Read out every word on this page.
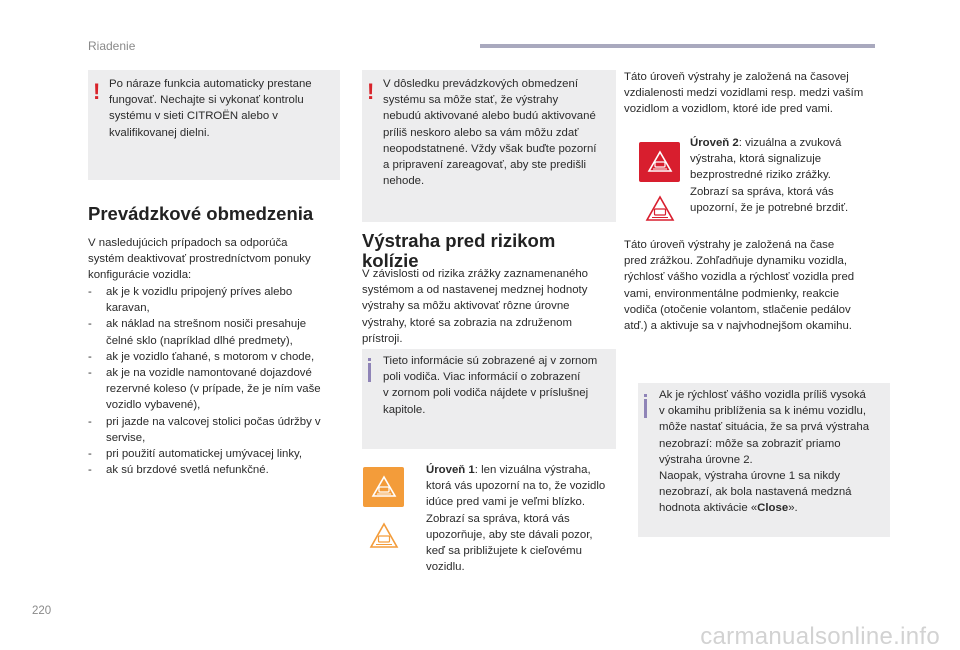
Riadenie
! Po náraze funkcia automaticky prestane
fungovať. Nechajte si vykonať kontrolu
systému v sieti CITROËN alebo v
kvalifikovanej dielni.
Prevádzkové obmedzenia
V nasledujúcich prípadoch sa odporúča
systém deaktivovať prostredníctvom ponuky
konfigurácie vozidla:
- ak je k vozidlu pripojený príves alebo
karavan,
- ak náklad na strešnom nosiči presahuje
čelné sklo (napríklad dlhé predmety),
- ak je vozidlo ťahané, s motorom v chode,
- ak je na vozidle namontované dojazdové
rezervné koleso (v prípade, že je ním vaše
vozidlo vybavené),
- pri jazde na valcovej stolici počas údržby v
servise,
- pri použití automatickej umývacej linky,
- ak sú brzdové svetlá nefunkčné.
! V dôsledku prevádzkových obmedzení
systému sa môže stať, že výstrahy
nebudú aktivované alebo budú aktivované
príliš neskoro alebo sa vám môžu zdať
neopodstatnené. Vždy však buďte pozorní
a pripravení zareagovať, aby ste predišli
nehode.
Výstraha pred rizikom
kolízie
V závislosti od rizika zrážky zaznamenaného
systémom a od nastavenej medznej hodnoty
výstrahy sa môžu aktivovať rôzne úrovne
výstrahy, ktoré sa zobrazia na združenom
prístroji.
Tieto informácie sú zobrazené aj v zornom
poli vodiča. Viac informácií o zobrazení
v zornom poli vodiča nájdete v príslušnej
kapitole.
Úroveň 1: len vizuálna výstraha,
ktorá vás upozorní na to, že vozidlo
idúce pred vami je veľmi blízko.
Zobrazí sa správa, ktorá vás
upozorňuje, aby ste dávali pozor,
keď sa približujete k cieľovému
vozidlu.
Táto úroveň výstrahy je založená na časovej
vzdialenosti medzi vozidlami resp. medzi vaším
vozidlom a vozidlom, ktoré ide pred vami.
Úroveň 2: vizuálna a zvuková
výstraha, ktorá signalizuje
bezprostredné riziko zrážky.
Zobrazí sa správa, ktorá vás
upozorní, že je potrebné brzdiť.
Táto úroveň výstrahy je založená na čase
pred zrážkou. Zohľadňuje dynamiku vozidla,
rýchlosť vášho vozidla a rýchlosť vozidla pred
vami, environmentálne podmienky, reakcie
vodiča (otočenie volantom, stlačenie pedálov
atď.) a aktivuje sa v najvhodnejšom okamihu.
Ak je rýchlosť vášho vozidla príliš vysoká
v okamihu priblíženia sa k inému vozidlu,
môže nastať situácia, že sa prvá výstraha
nezobrazí: môže sa zobraziť priamo
výstraha úrovne 2.
Naopak, výstraha úrovne 1 sa nikdy
nezobrazí, ak bola nastavená medzná
hodnota aktivácie «Close».
220
carmanualsonline.info
